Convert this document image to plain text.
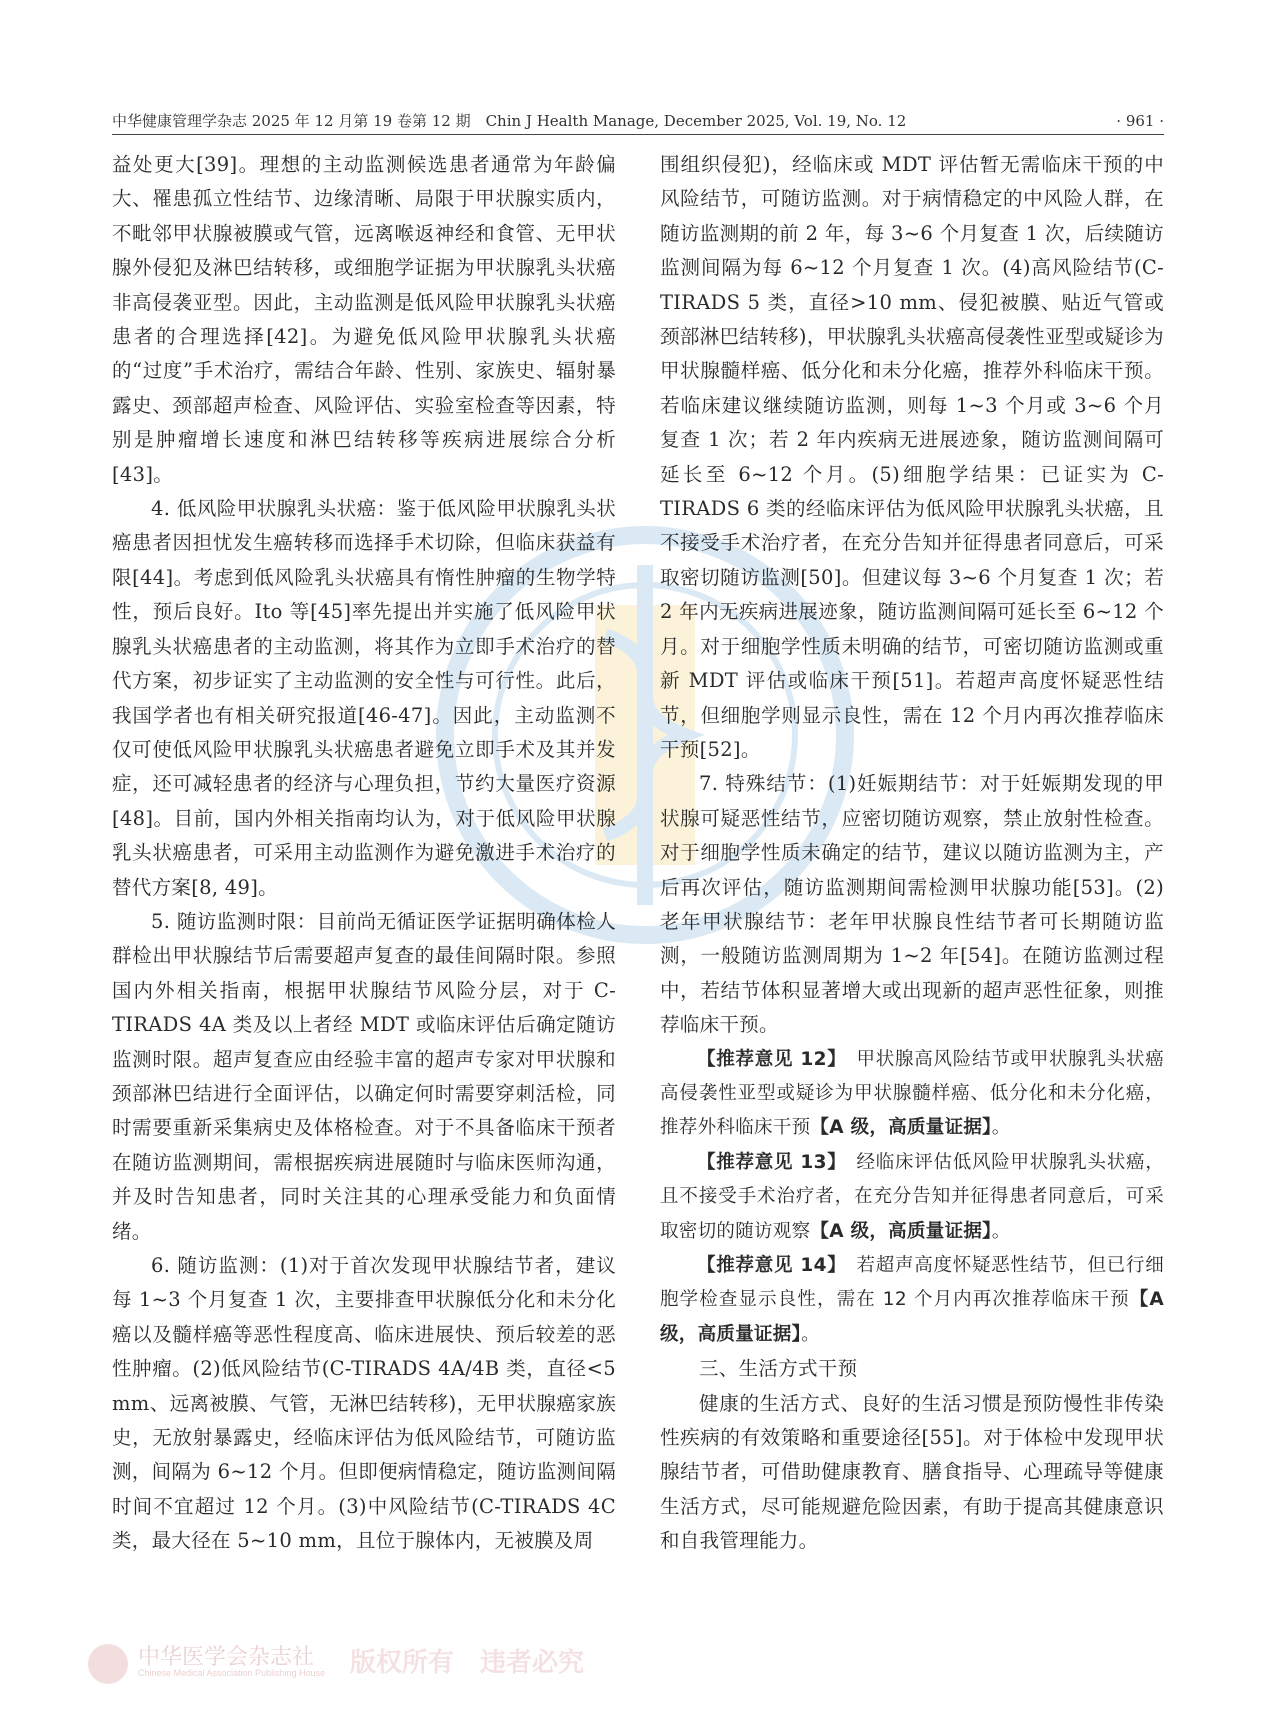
中华健康管理学杂志 2025 年 12 月第 19 卷第 12 期　Chin J Health Manage, December 2025, Vol. 19, No. 12	· 961 ·

益处更大[39]。理想的主动监测候选患者通常为年龄偏大、罹患孤立性结节、边缘清晰、局限于甲状腺实质内，不毗邻甲状腺被膜或气管，远离喉返神经和食管、无甲状腺外侵犯及淋巴结转移，或细胞学证据为甲状腺乳头状癌非高侵袭亚型。因此，主动监测是低风险甲状腺乳头状癌患者的合理选择[42]。为避免低风险甲状腺乳头状癌的“过度”手术治疗，需结合年龄、性别、家族史、辐射暴露史、颈部超声检查、风险评估、实验室检查等因素，特别是肿瘤增长速度和淋巴结转移等疾病进展综合分析[43]。

4. 低风险甲状腺乳头状癌：鉴于低风险甲状腺乳头状癌患者因担忧发生癌转移而选择手术切除，但临床获益有限[44]。考虑到低风险乳头状癌具有惰性肿瘤的生物学特性，预后良好。Ito 等[45]率先提出并实施了低风险甲状腺乳头状癌患者的主动监测，将其作为立即手术治疗的替代方案，初步证实了主动监测的安全性与可行性。此后，我国学者也有相关研究报道[46-47]。因此，主动监测不仅可使低风险甲状腺乳头状癌患者避免立即手术及其并发症，还可减轻患者的经济与心理负担，节约大量医疗资源[48]。目前，国内外相关指南均认为，对于低风险甲状腺乳头状癌患者，可采用主动监测作为避免激进手术治疗的替代方案[8, 49]。

5. 随访监测时限：目前尚无循证医学证据明确体检人群检出甲状腺结节后需要超声复查的最佳间隔时限。参照国内外相关指南，根据甲状腺结节风险分层，对于 C-TIRADS 4A 类及以上者经 MDT 或临床评估后确定随访监测时限。超声复查应由经验丰富的超声专家对甲状腺和颈部淋巴结进行全面评估，以确定何时需要穿刺活检，同时需要重新采集病史及体格检查。对于不具备临床干预者在随访监测期间，需根据疾病进展随时与临床医师沟通，并及时告知患者，同时关注其的心理承受能力和负面情绪。

6. 随访监测：(1)对于首次发现甲状腺结节者，建议每 1~3 个月复查 1 次，主要排查甲状腺低分化和未分化癌以及髓样癌等恶性程度高、临床进展快、预后较差的恶性肿瘤。(2)低风险结节(C-TIRADS 4A/4B 类，直径<5 mm、远离被膜、气管，无淋巴结转移)，无甲状腺癌家族史，无放射暴露史，经临床评估为低风险结节，可随访监测，间隔为 6~12 个月。但即便病情稳定，随访监测间隔时间不宜超过 12 个月。(3)中风险结节(C-TIRADS 4C 类，最大径在 5~10 mm，且位于腺体内，无被膜及周

围组织侵犯)，经临床或 MDT 评估暂无需临床干预的中风险结节，可随访监测。对于病情稳定的中风险人群，在随访监测期的前 2 年，每 3~6 个月复查 1 次，后续随访监测间隔为每 6~12 个月复查 1 次。(4)高风险结节(C-TIRADS 5 类，直径>10 mm、侵犯被膜、贴近气管或颈部淋巴结转移)，甲状腺乳头状癌高侵袭性亚型或疑诊为甲状腺髓样癌、低分化和未分化癌，推荐外科临床干预。若临床建议继续随访监测，则每 1~3 个月或 3~6 个月复查 1 次；若 2 年内疾病无进展迹象，随访监测间隔可延长至 6~12 个月。(5)细胞学结果：已证实为 C-TIRADS 6 类的经临床评估为低风险甲状腺乳头状癌，且不接受手术治疗者，在充分告知并征得患者同意后，可采取密切随访监测[50]。但建议每 3~6 个月复查 1 次；若 2 年内无疾病进展迹象，随访监测间隔可延长至 6~12 个月。对于细胞学性质未明确的结节，可密切随访监测或重新 MDT 评估或临床干预[51]。若超声高度怀疑恶性结节，但细胞学则显示良性，需在 12 个月内再次推荐临床干预[52]。

7. 特殊结节：(1)妊娠期结节：对于妊娠期发现的甲状腺可疑恶性结节，应密切随访观察，禁止放射性检查。对于细胞学性质未确定的结节，建议以随访监测为主，产后再次评估，随访监测期间需检测甲状腺功能[53]。(2)老年甲状腺结节：老年甲状腺良性结节者可长期随访监测，一般随访监测周期为 1~2 年[54]。在随访监测过程中，若结节体积显著增大或出现新的超声恶性征象，则推荐临床干预。

【推荐意见 12】　甲状腺高风险结节或甲状腺乳头状癌高侵袭性亚型或疑诊为甲状腺髓样癌、低分化和未分化癌，推荐外科临床干预【A 级，高质量证据】。

【推荐意见 13】　经临床评估低风险甲状腺乳头状癌，且不接受手术治疗者，在充分告知并征得患者同意后，可采取密切的随访观察【A 级，高质量证据】。

【推荐意见 14】　若超声高度怀疑恶性结节，但已行细胞学检查显示良性，需在 12 个月内再次推荐临床干预【A 级，高质量证据】。

三、生活方式干预

健康的生活方式、良好的生活习惯是预防慢性非传染性疾病的有效策略和重要途径[55]。对于体检中发现甲状腺结节者，可借助健康教育、膳食指导、心理疏导等健康生活方式，尽可能规避危险因素，有助于提高其健康意识和自我管理能力。

中华医学会杂志社
Chinese Medical Association Publishing House 版权所有　违者必究
